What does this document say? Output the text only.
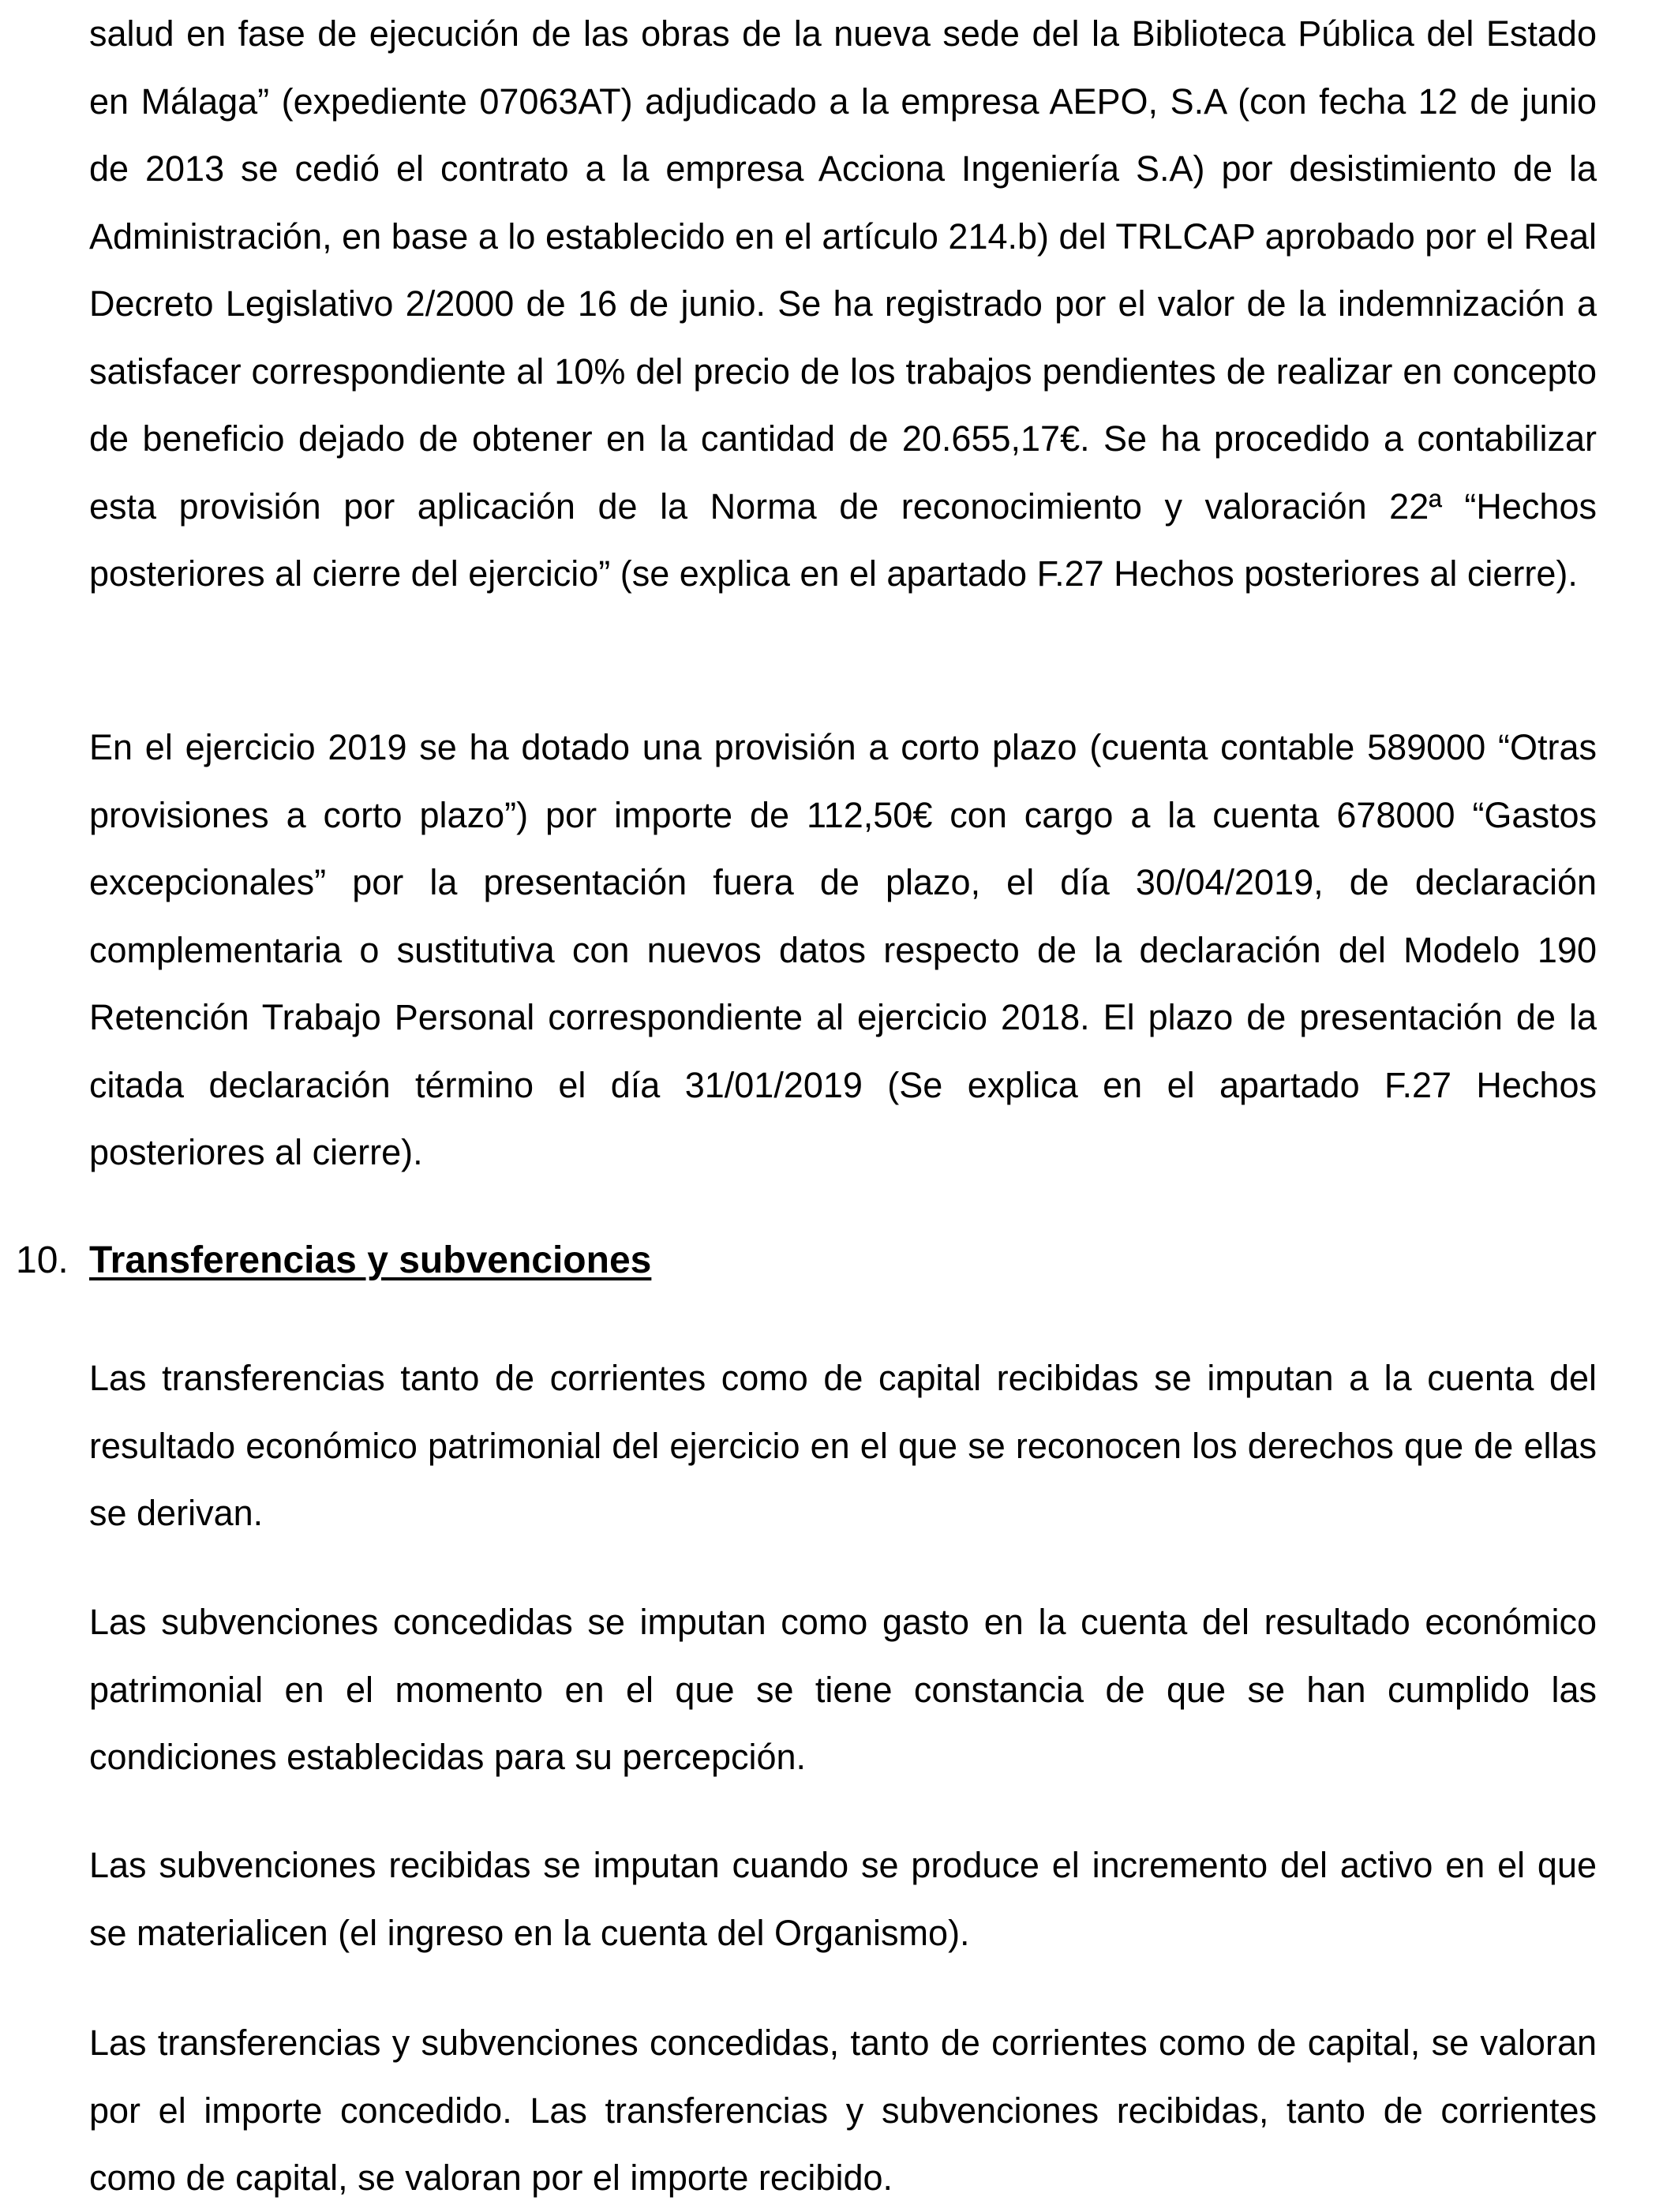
salud en fase de ejecución de las obras de la nueva sede del la Biblioteca Pública del Estado en Málaga” (expediente 07063AT) adjudicado a la empresa AEPO, S.A (con fecha 12 de junio de 2013 se cedió el contrato a la empresa Acciona Ingeniería S.A) por desistimiento de la Administración, en base a lo establecido en el artículo 214.b) del TRLCAP aprobado por el Real Decreto Legislativo 2/2000 de 16 de junio. Se ha registrado por el valor de la indemnización a satisfacer correspondiente al 10% del precio de los trabajos pendientes de realizar en concepto de beneficio dejado de obtener en la cantidad de 20.655,17€. Se ha procedido a contabilizar esta provisión por aplicación de la Norma de reconocimiento y valoración 22ª “Hechos posteriores al cierre del ejercicio” (se explica en el apartado F.27 Hechos posteriores al cierre).

En el ejercicio 2019 se ha dotado una provisión a corto plazo (cuenta contable 589000 “Otras provisiones a corto plazo”) por importe de 112,50€ con cargo a la cuenta 678000 “Gastos excepcionales” por la presentación fuera de plazo, el día 30/04/2019, de declaración complementaria o sustitutiva con nuevos datos respecto de la declaración del Modelo 190 Retención Trabajo Personal correspondiente al ejercicio 2018. El plazo de presentación de la citada declaración término el día 31/01/2019 (Se explica en el apartado F.27 Hechos posteriores al cierre).

10. Transferencias y subvenciones

Las transferencias tanto de corrientes como de capital recibidas se imputan a la cuenta del resultado económico patrimonial del ejercicio en el que se reconocen los derechos que de ellas se derivan.

Las subvenciones concedidas se imputan como gasto en la cuenta del resultado económico patrimonial en el momento en el que se tiene constancia de que se han cumplido las condiciones establecidas para su percepción.

Las subvenciones recibidas se imputan cuando se produce el incremento del activo en el que se materialicen (el ingreso en la cuenta del Organismo).

Las transferencias y subvenciones concedidas, tanto de corrientes como de capital, se valoran por el importe concedido. Las transferencias y subvenciones recibidas, tanto de corrientes como de capital, se valoran por el importe recibido.
